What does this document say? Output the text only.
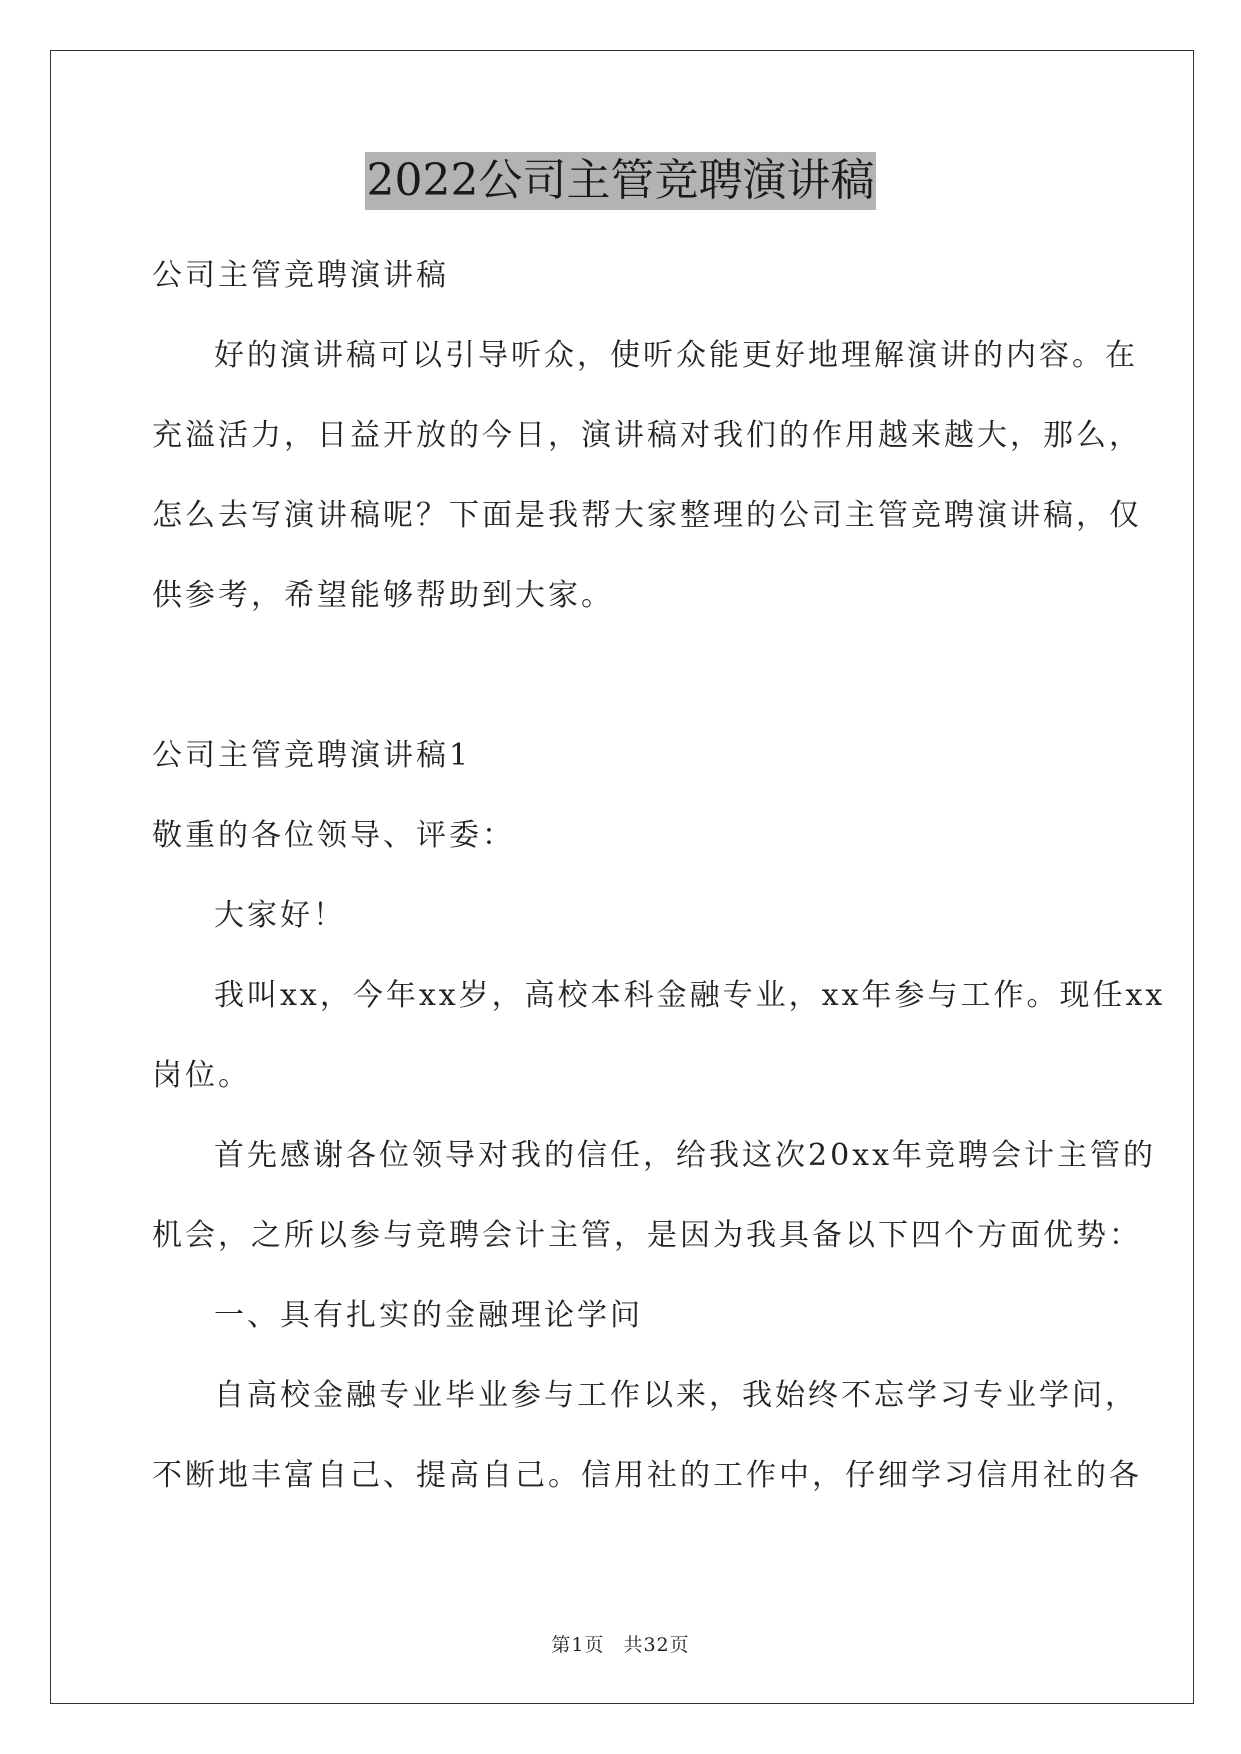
2022公司主管竞聘演讲稿

公司主管竞聘演讲稿

好的演讲稿可以引导听众，使听众能更好地理解演讲的内容。在

充溢活力，日益开放的今日，演讲稿对我们的作用越来越大，那么，

怎么去写演讲稿呢？下面是我帮大家整理的公司主管竞聘演讲稿，仅

供参考，希望能够帮助到大家。

公司主管竞聘演讲稿1

敬重的各位领导、评委：

大家好！

我叫xx，今年xx岁，高校本科金融专业，xx年参与工作。现任xx

岗位。

首先感谢各位领导对我的信任，给我这次20xx年竞聘会计主管的

机会，之所以参与竞聘会计主管，是因为我具备以下四个方面优势：

一、具有扎实的金融理论学问

自高校金融专业毕业参与工作以来，我始终不忘学习专业学问，

不断地丰富自己、提高自己。信用社的工作中，仔细学习信用社的各

第1页 共32页
